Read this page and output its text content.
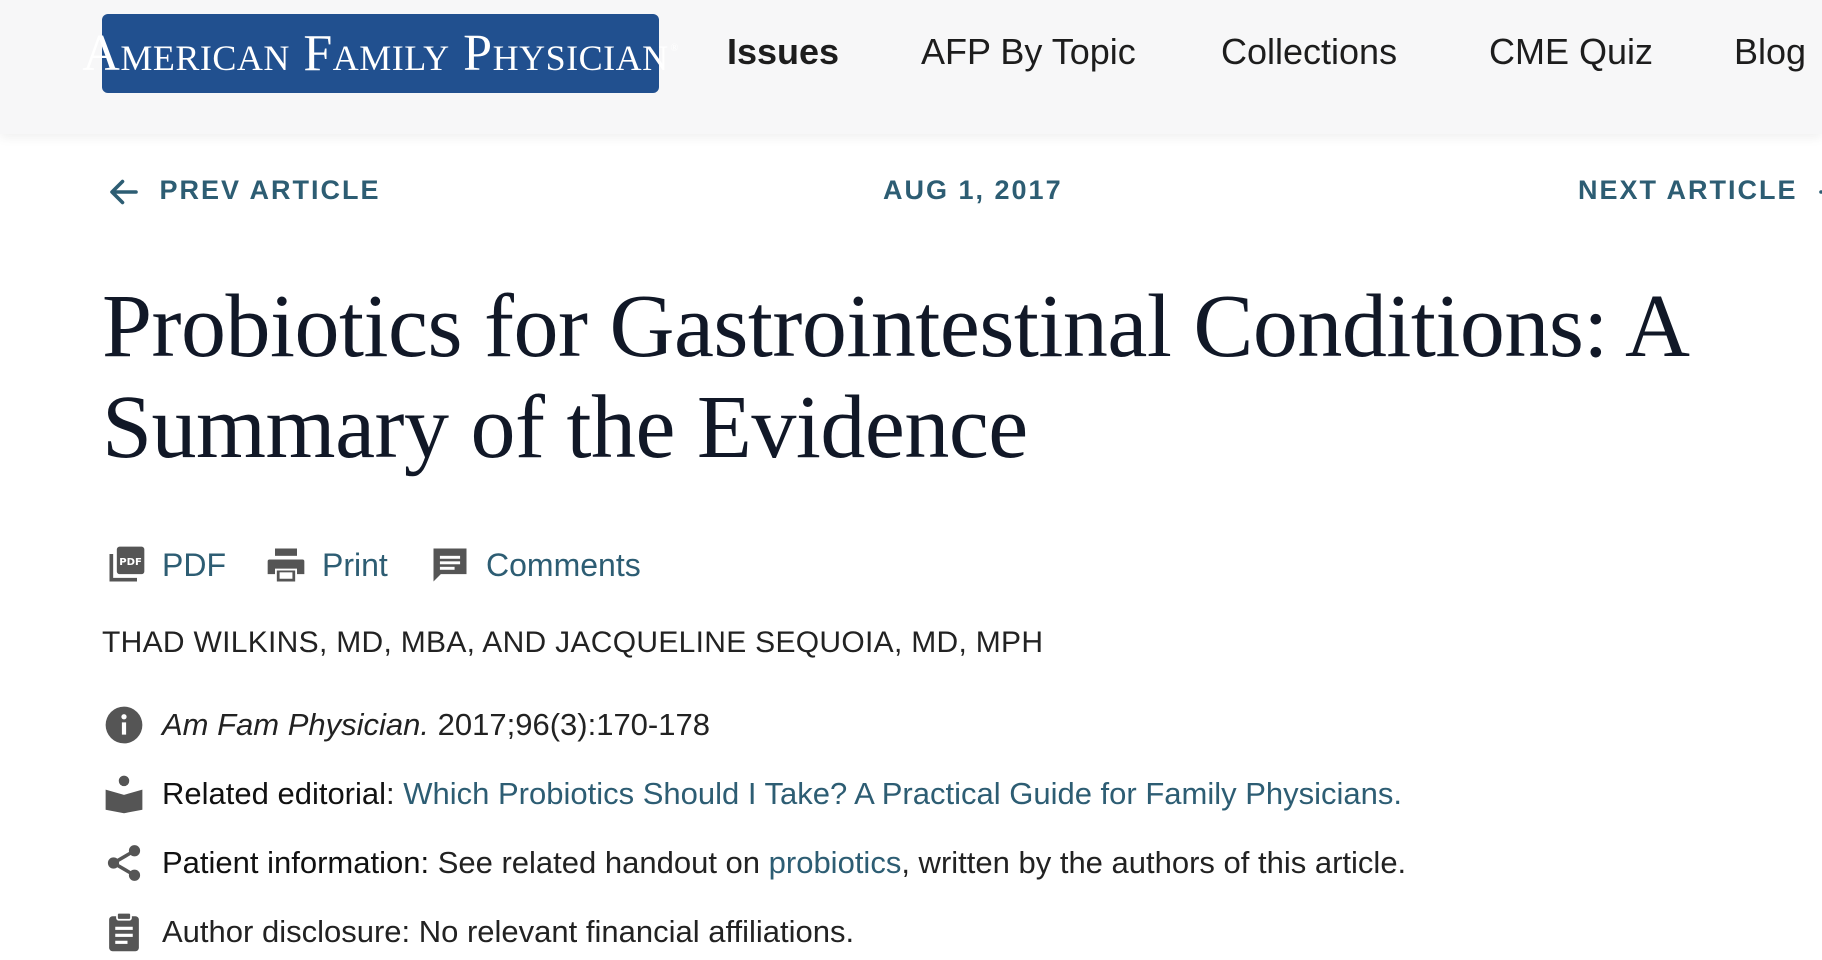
American Family Physician ® Issues AFP By Topic Collections	CME Quiz Blog
PREV ARTICLE	AUG 1, 2017	NEXT ARTICLE
Probiotics for Gastrointestinal Conditions: A
Summary of the Evidence
PDF PDF	Print	Comments
THAD WILKINS, MD, MBA, AND JACQUELINE SEQUOIA, MD, MPH
Am Fam Physician.
2017;96(3):170-178
Related editorial : Which Probiotics Should I Take? A Practical Guide for Family Physicians .
Patient information: See related handout on probiotics , written by the authors of this article.
Author disclosure: No relevant financial affiliations.
